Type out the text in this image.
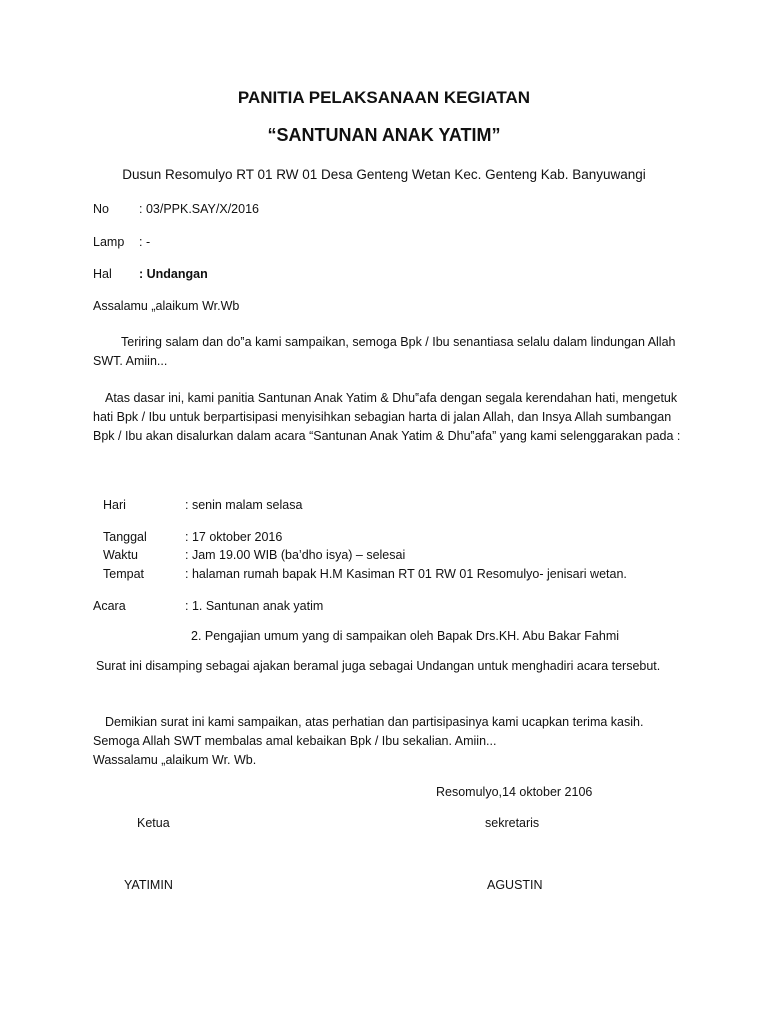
PANITIA PELAKSANAAN KEGIATAN
“SANTUNAN ANAK YATIM”

Dusun Resomulyo RT 01 RW 01 Desa Genteng Wetan Kec. Genteng Kab. Banyuwangi

No : 03/PPK.SAY/X/2016
Lamp : -
Hal : Undangan
Assalamu „alaikum Wr.Wb

Teriring salam dan do‟a kami sampaikan, semoga Bpk / Ibu senantiasa selalu dalam lindungan Allah SWT. Amiin...

Atas dasar ini, kami panitia Santunan Anak Yatim & Dhu‟afa dengan segala kerendahan hati, mengetuk hati Bpk / Ibu untuk berpartisipasi menyisihkan sebagian harta di jalan Allah, dan Insya Allah sumbangan Bpk / Ibu akan disalurkan dalam acara “Santunan Anak Yatim & Dhu‟afa” yang kami selenggarakan pada :

Hari	: senin malam selasa
Tanggal	: 17 oktober 2016
Waktu	: Jam 19.00 WIB (ba’dho isya) – selesai
Tempat	: halaman rumah bapak H.M Kasiman RT 01 RW 01 Resomulyo- jenisari wetan.
Acara	: 1. Santunan anak yatim
2. Pengajian umum yang di sampaikan oleh Bapak Drs.KH. Abu Bakar Fahmi

Surat ini disamping sebagai ajakan beramal juga sebagai Undangan untuk menghadiri acara tersebut.

Demikian surat ini kami sampaikan, atas perhatian dan partisipasinya kami ucapkan terima kasih.
Semoga Allah SWT membalas amal kebaikan Bpk / Ibu sekalian. Amiin...
Wassalamu „alaikum Wr. Wb.
Resomulyo,14 oktober 2106
Ketua	sekretaris
YATIMIN	AGUSTIN
